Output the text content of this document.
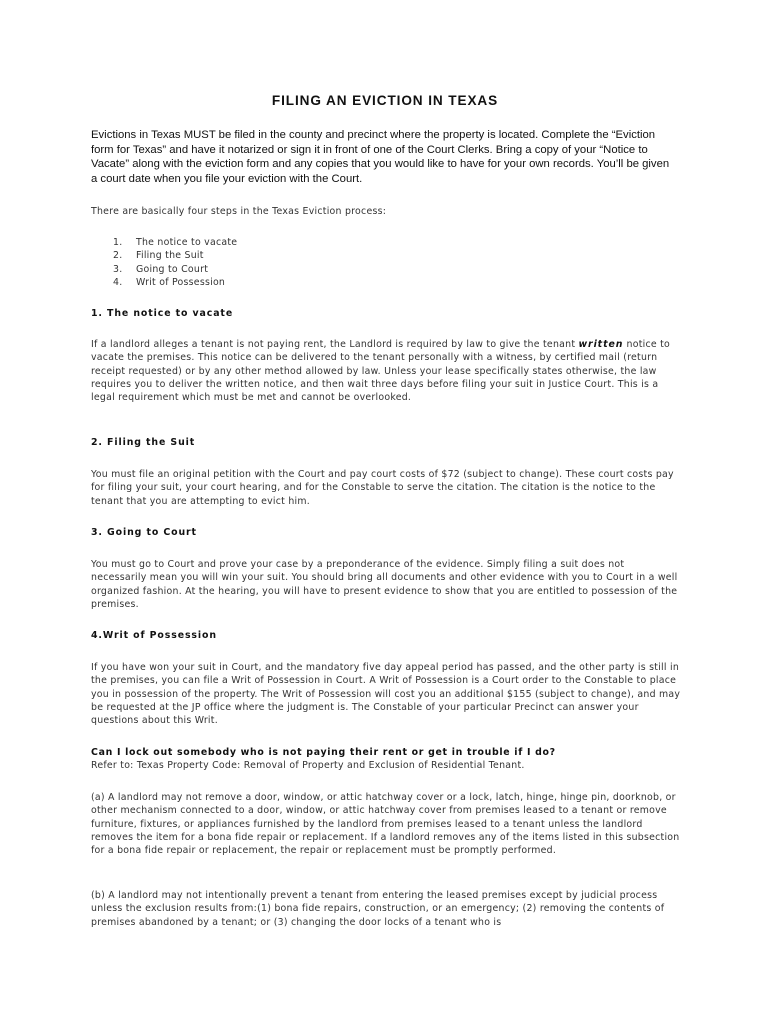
FILING AN EVICTION IN TEXAS

Evictions in Texas MUST be filed in the county and precinct where the property is located. Complete the “Eviction form for Texas” and have it notarized or sign it in front of one of the Court Clerks. Bring a copy of your “Notice to Vacate” along with the eviction form and any copies that you would like to have for your own records. You’ll be given a court date when you file your eviction with the Court.

There are basically four steps in the Texas Eviction process:

1. The notice to vacate
2. Filing the Suit
3. Going to Court
4. Writ of Possession

1. The notice to vacate

If a landlord alleges a tenant is not paying rent, the Landlord is required by law to give the tenant written notice to vacate the premises. This notice can be delivered to the tenant personally with a witness, by certified mail (return receipt requested) or by any other method allowed by law. Unless your lease specifically states otherwise, the law requires you to deliver the written notice, and then wait three days before filing your suit in Justice Court. This is a legal requirement which must be met and cannot be overlooked.

2. Filing the Suit

You must file an original petition with the Court and pay court costs of $72 (subject to change). These court costs pay for filing your suit, your court hearing, and for the Constable to serve the citation. The citation is the notice to the tenant that you are attempting to evict him.

3. Going to Court

You must go to Court and prove your case by a preponderance of the evidence. Simply filing a suit does not necessarily mean you will win your suit. You should bring all documents and other evidence with you to Court in a well organized fashion. At the hearing, you will have to present evidence to show that you are entitled to possession of the premises.

4.Writ of Possession

If you have won your suit in Court, and the mandatory five day appeal period has passed, and the other party is still in the premises, you can file a Writ of Possession in Court. A Writ of Possession is a Court order to the Constable to place you in possession of the property. The Writ of Possession will cost you an additional $155 (subject to change), and may be requested at the JP office where the judgment is. The Constable of your particular Precinct can answer your questions about this Writ.

Can I lock out somebody who is not paying their rent or get in trouble if I do?
Refer to: Texas Property Code: Removal of Property and Exclusion of Residential Tenant.

(a) A landlord may not remove a door, window, or attic hatchway cover or a lock, latch, hinge, hinge pin, doorknob, or other mechanism connected to a door, window, or attic hatchway cover from premises leased to a tenant or remove furniture, fixtures, or appliances furnished by the landlord from premises leased to a tenant unless the landlord removes the item for a bona fide repair or replacement. If a landlord removes any of the items listed in this subsection for a bona fide repair or replacement, the repair or replacement must be promptly performed.

(b) A landlord may not intentionally prevent a tenant from entering the leased premises except by judicial process unless the exclusion results from:(1) bona fide repairs, construction, or an emergency; (2) removing the contents of premises abandoned by a tenant; or (3) changing the door locks of a tenant who is
